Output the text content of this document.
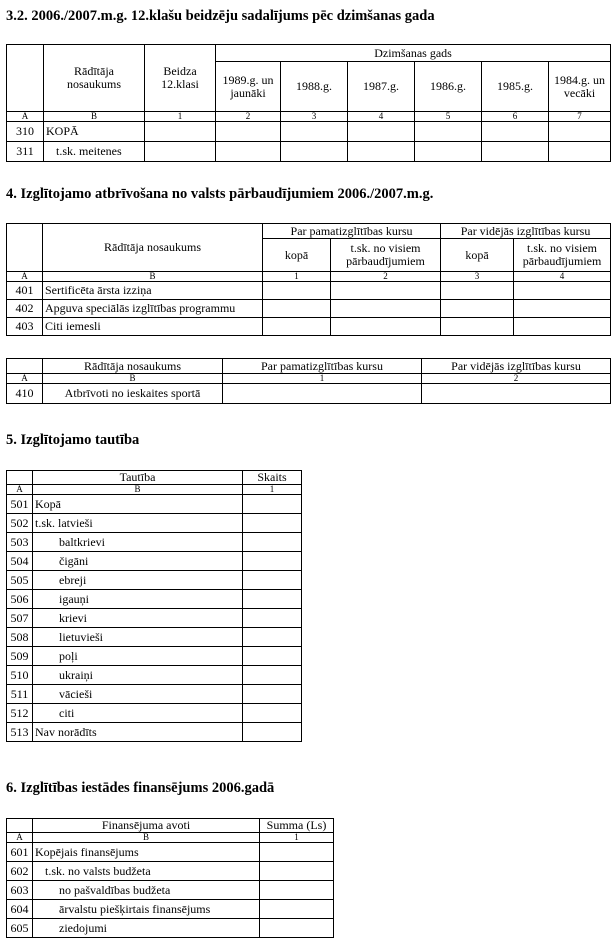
3.2. 2006./2007.m.g. 12.klašu beidzēju sadalījums pēc dzimšanas gada
	Rādītāja nosaukums	Beidza 12.klasi	Dzimšanas gads					
			1989.g. un jaunāki	1988.g.	1987.g.	1986.g.	1985.g.	1984.g. un vecāki
A	B	1	2	3	4	5	6	7
310	KOPĀ							
311	t.sk. meitenes							
4. Izglītojamo atbrīvošana no valsts pārbaudījumiem 2006./2007.m.g.
	Rādītāja nosaukums	Par pamatizglītības kursu		Par vidējās izglītības kursu	
		kopā	t.sk. no visiem pārbaudījumiem	kopā	t.sk. no visiem pārbaudījumiem
A	B	1	2	3	4
401	Sertificēta ārsta izziņa				
402	Apguva speciālās izglītības programmu				
403	Citi iemesli				
	Rādītāja nosaukums	Par pamatizglītības kursu	Par vidējās izglītības kursu
A	B	1	2
410	Atbrīvoti no ieskaites sportā		
5. Izglītojamo tautība
	Tautība	Skaits
A	B	1
501	Kopā	
502	t.sk. latvieši	
503	baltkrievi	
504	čigāni	
505	ebreji	
506	igauņi	
507	krievi	
508	lietuvieši	
509	poļi	
510	ukraiņi	
511	vācieši	
512	citi	
513	Nav norādīts	
6. Izglītības iestādes finansējums 2006.gadā
	Finansējuma avoti	Summa (Ls)
A	B	1
601	Kopējais finansējums	
602	t.sk. no valsts budžeta	
603	no pašvaldības budžeta	
604	ārvalstu piešķirtais finansējums	
605	ziedojumi	
